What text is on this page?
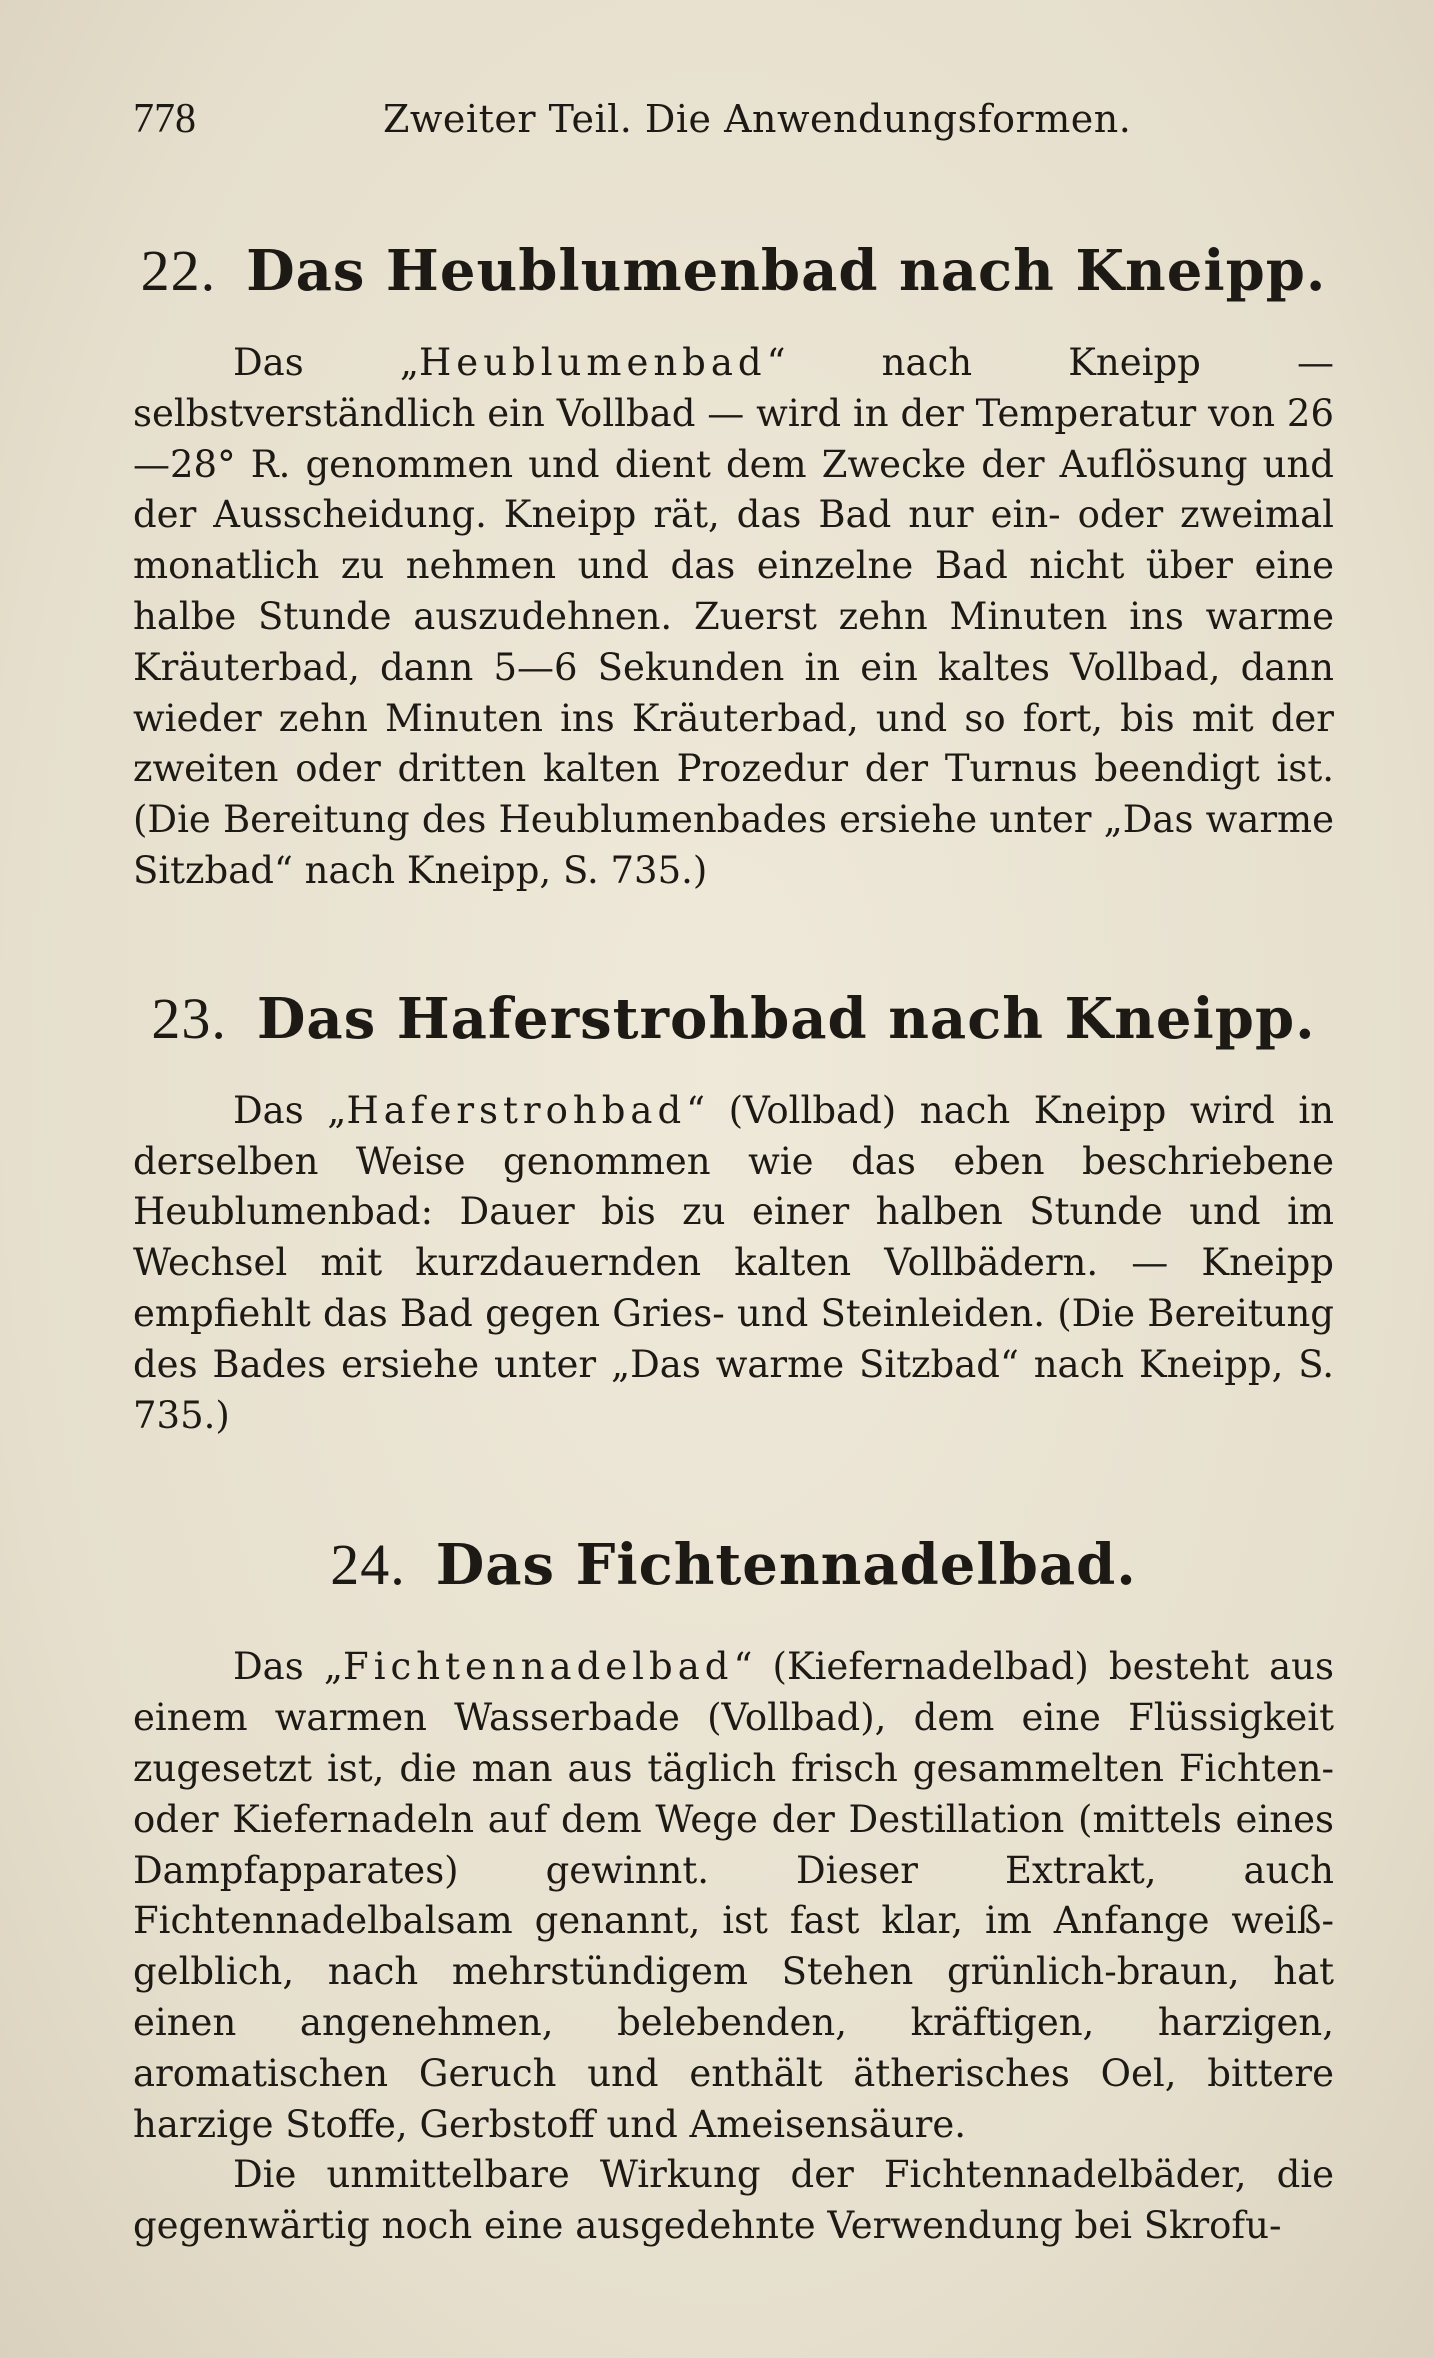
778	Zweiter Teil. Die Anwendungsformen.
22. Das Heublumenbad nach Kneipp.

Das „Heublumenbad“ nach Kneipp — selbstverständlich ein Vollbad — wird in der Temperatur von 26—28° R. genommen und dient dem Zwecke der Auflösung und der Ausscheidung. Kneipp rät, das Bad nur ein- oder zweimal monatlich zu nehmen und das einzelne Bad nicht über eine halbe Stunde auszudehnen. Zuerst zehn Minuten ins warme Kräuterbad, dann 5—6 Sekunden in ein kaltes Vollbad, dann wieder zehn Minuten ins Kräuterbad, und so fort, bis mit der zweiten oder dritten kalten Prozedur der Turnus beendigt ist. (Die Bereitung des Heublumenbades ersiehe unter „Das warme Sitzbad“ nach Kneipp, S. 735.)

23. Das Haferstrohbad nach Kneipp.

Das „Haferstrohbad“ (Vollbad) nach Kneipp wird in derselben Weise genommen wie das eben beschriebene Heublumenbad: Dauer bis zu einer halben Stunde und im Wechsel mit kurzdauernden kalten Vollbädern. — Kneipp empfiehlt das Bad gegen Gries- und Steinleiden. (Die Bereitung des Bades ersiehe unter „Das warme Sitzbad“ nach Kneipp, S. 735.)

24. Das Fichtennadelbad.

Das „Fichtennadelbad“ (Kiefernadelbad) besteht aus einem warmen Wasserbade (Vollbad), dem eine Flüssigkeit zugesetzt ist, die man aus täglich frisch gesammelten Fichten- oder Kiefernadeln auf dem Wege der Destillation (mittels eines Dampfapparates) gewinnt. Dieser Extrakt, auch Fichtennadelbalsam genannt, ist fast klar, im Anfange weiß-gelblich, nach mehrstündigem Stehen grünlich-braun, hat einen angenehmen, belebenden, kräftigen, harzigen, aromatischen Geruch und enthält ätherisches Oel, bittere harzige Stoffe, Gerbstoff und Ameisensäure.

Die unmittelbare Wirkung der Fichtennadelbäder, die gegenwärtig noch eine ausgedehnte Verwendung bei Skrofu-
